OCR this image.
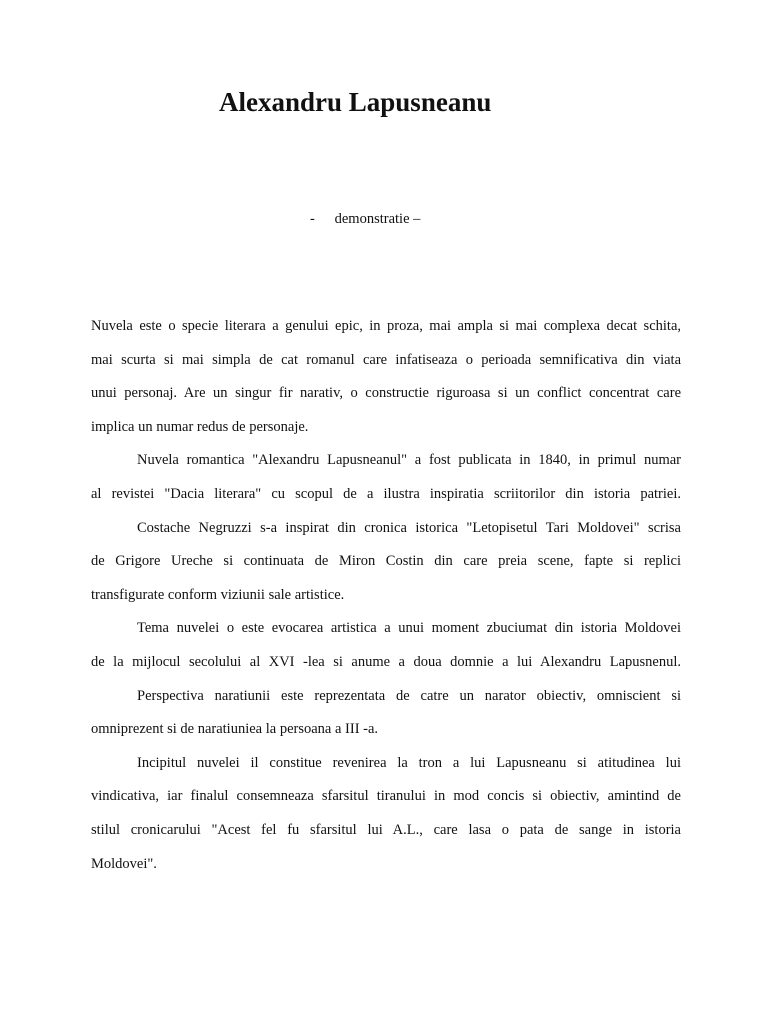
Alexandru Lapusneanu
- demonstratie –
Nuvela este o specie literara a genului epic, in proza, mai ampla si mai complexa decat schita,
mai scurta si mai simpla de cat romanul care infatiseaza o perioada semnificativa din viata
unui personaj. Are un singur fir narativ, o constructie riguroasa si un conflict concentrat care
implica un numar redus de personaje.
Nuvela romantica "Alexandru Lapusneanul" a fost publicata in 1840, in primul numar
al revistei "Dacia literara" cu scopul de a ilustra inspiratia scriitorilor din istoria patriei.
Costache Negruzzi s-a inspirat din cronica istorica "Letopisetul Tari Moldovei" scrisa
de Grigore Ureche si continuata de Miron Costin din care preia scene, fapte si replici
transfigurate conform viziunii sale artistice.
Tema nuvelei o este evocarea artistica a unui moment zbuciumat din istoria Moldovei
de la mijlocul secolului al XVI -lea si anume a doua domnie a lui Alexandru Lapusnenul.
Perspectiva naratiunii este reprezentata de catre un narator obiectiv, omniscient si
omniprezent si de naratiuniea la persoana a III -a.
Incipitul nuvelei il constitue revenirea la tron a lui Lapusneanu si atitudinea lui
vindicativa, iar finalul consemneaza sfarsitul tiranului in mod concis si obiectiv, amintind de
stilul cronicarului "Acest fel fu sfarsitul lui A.L., care lasa o pata de sange in istoria
Moldovei".
